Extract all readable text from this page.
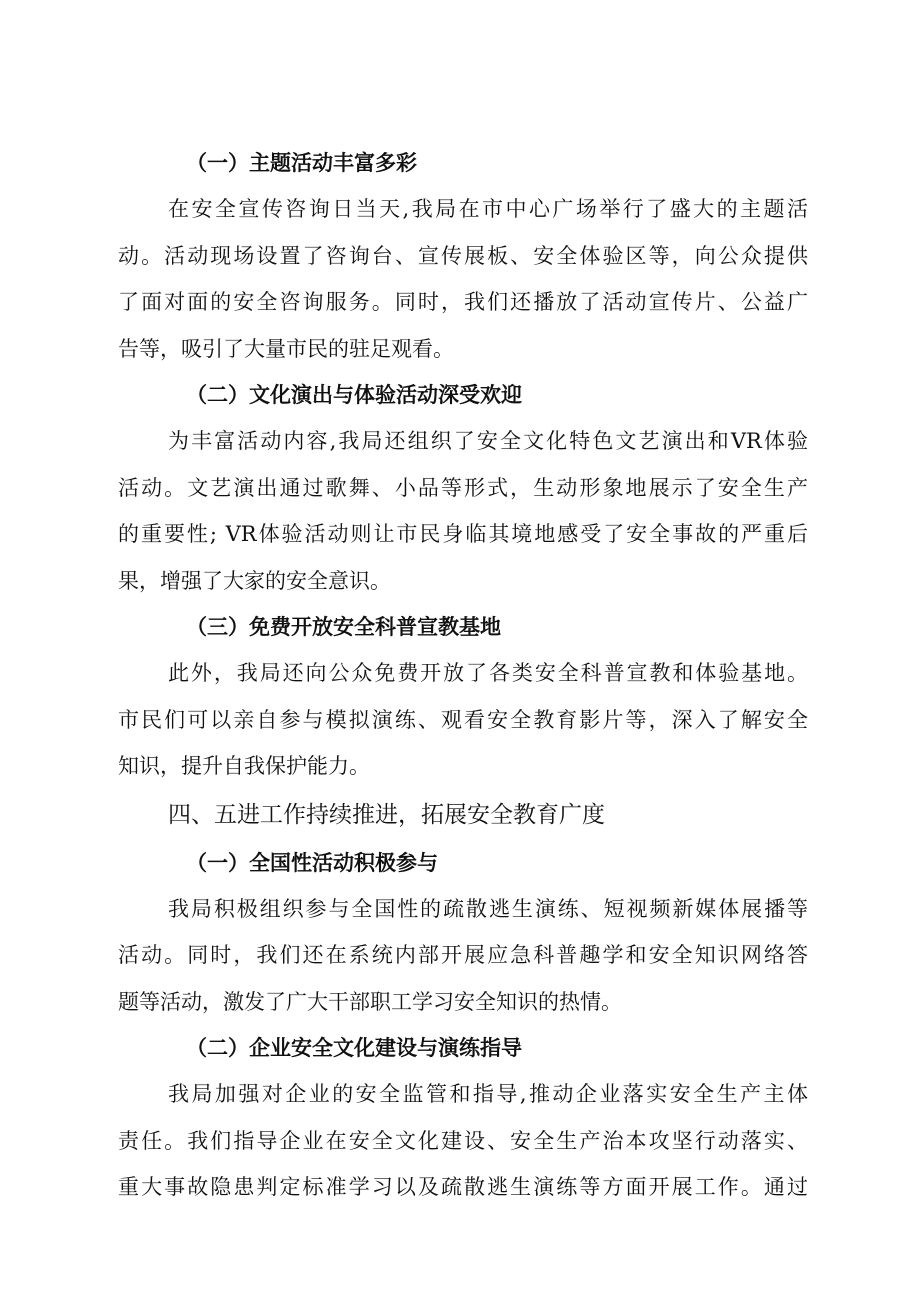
（一）主题活动丰富多彩
在安全宣传咨询日当天,我局在市中心广场举行了盛大的主题活
动。活动现场设置了咨询台、宣传展板、安全体验区等，向公众提供
了面对面的安全咨询服务。同时，我们还播放了活动宣传片、公益广
告等，吸引了大量市民的驻足观看。
（二）文化演出与体验活动深受欢迎
为丰富活动内容,我局还组织了安全文化特色文艺演出和VR体验
活动。文艺演出通过歌舞、小品等形式，生动形象地展示了安全生产
的重要性; VR体验活动则让市民身临其境地感受了安全事故的严重后
果，增强了大家的安全意识。
（三）免费开放安全科普宣教基地
此外，我局还向公众免费开放了各类安全科普宣教和体验基地。
市民们可以亲自参与模拟演练、观看安全教育影片等，深入了解安全
知识，提升自我保护能力。
四、五进工作持续推进，拓展安全教育广度
（一）全国性活动积极参与
我局积极组织参与全国性的疏散逃生演练、短视频新媒体展播等
活动。同时，我们还在系统内部开展应急科普趣学和安全知识网络答
题等活动，激发了广大干部职工学习安全知识的热情。
（二）企业安全文化建设与演练指导
我局加强对企业的安全监管和指导,推动企业落实安全生产主体
责任。我们指导企业在安全文化建设、安全生产治本攻坚行动落实、
重大事故隐患判定标准学习以及疏散逃生演练等方面开展工作。通过
